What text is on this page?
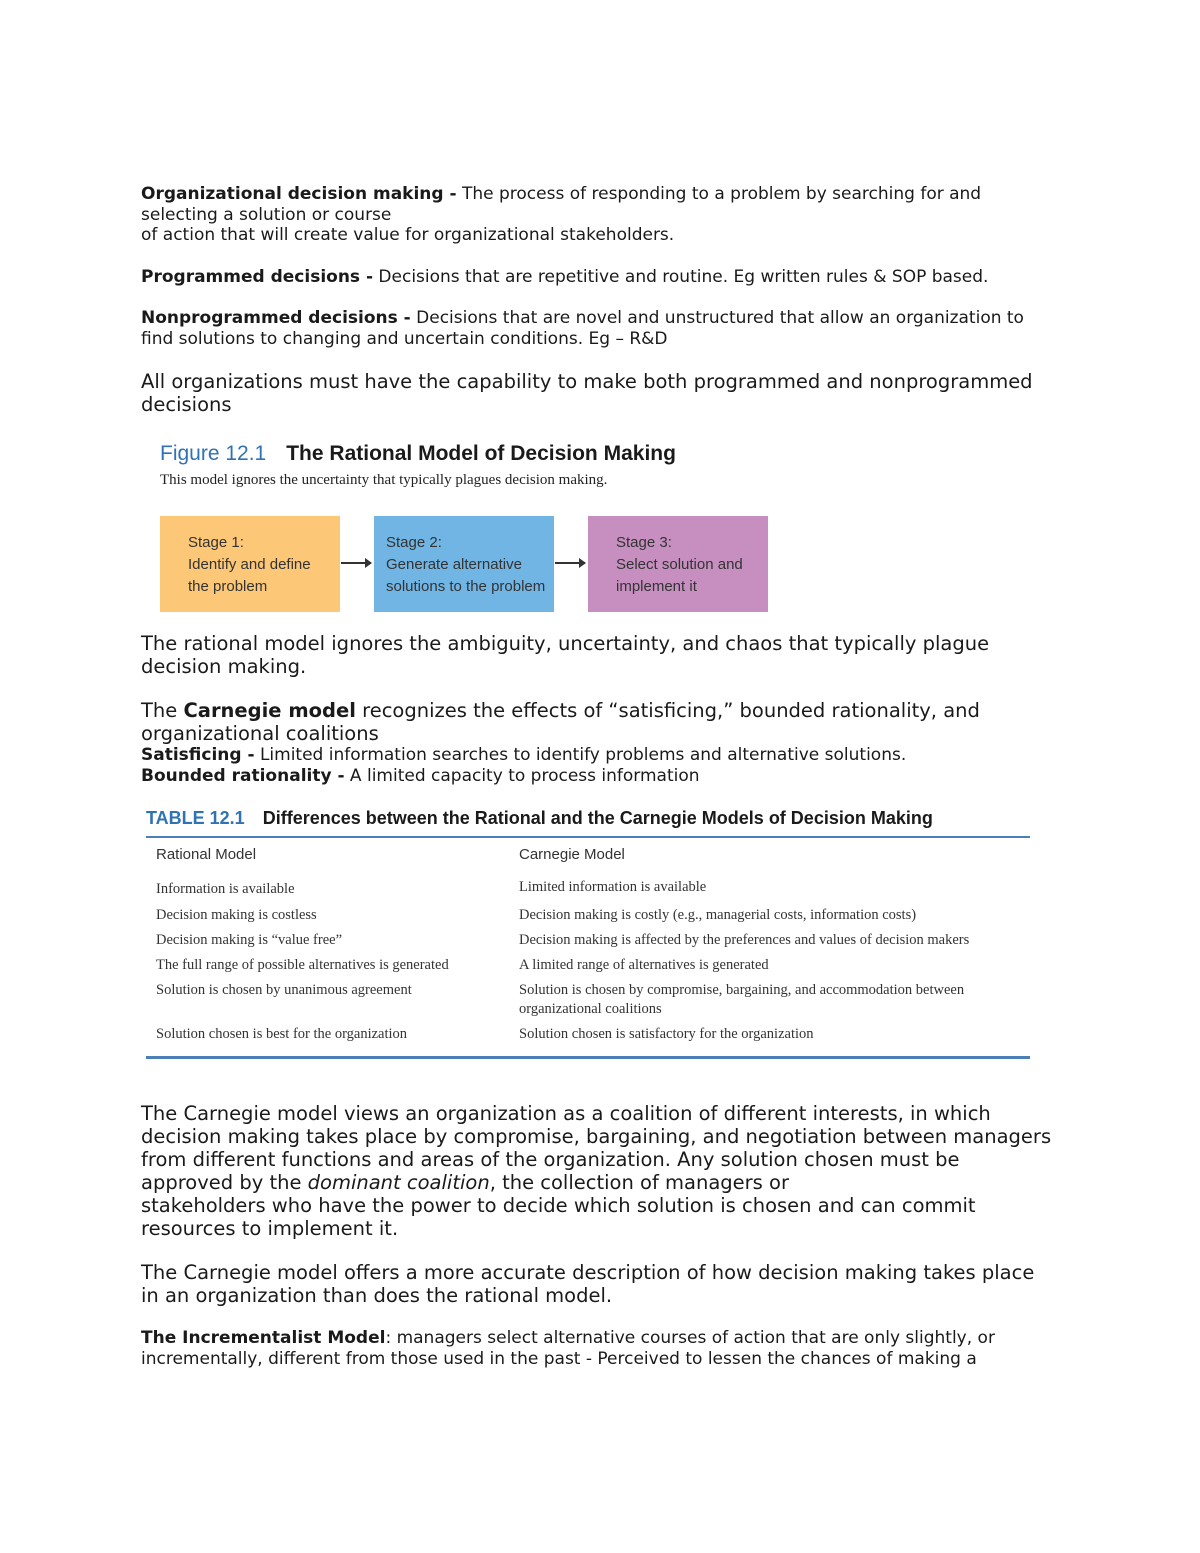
Organizational decision making - The process of responding to a problem by searching for and
selecting a solution or course
of action that will create value for organizational stakeholders.

Programmed decisions - Decisions that are repetitive and routine. Eg written rules & SOP based.

Nonprogrammed decisions - Decisions that are novel and unstructured that allow an organization to
find solutions to changing and uncertain conditions. Eg – R&D

All organizations must have the capability to make both programmed and nonprogrammed
decisions

Figure 12.1 The Rational Model of Decision Making
This model ignores the uncertainty that typically plagues decision making.
Stage 1:
Identify and define
the problem
Stage 2:
Generate alternative
solutions to the problem
Stage 3:
Select solution and
implement it

The rational model ignores the ambiguity, uncertainty, and chaos that typically plague
decision making.

The Carnegie model recognizes the effects of “satisficing,” bounded rationality, and
organizational coalitions

Satisficing - Limited information searches to identify problems and alternative solutions.
Bounded rationality - A limited capacity to process information

TABLE 12.1 Differences between the Rational and the Carnegie Models of Decision Making
Rational Model	Carnegie Model
Information is available	Limited information is available
Decision making is costless	Decision making is costly (e.g., managerial costs, information costs)
Decision making is “value free”	Decision making is affected by the preferences and values of decision makers
The full range of possible alternatives is generated	A limited range of alternatives is generated
Solution is chosen by unanimous agreement	Solution is chosen by compromise, bargaining, and accommodation between organizational coalitions
Solution chosen is best for the organization	Solution chosen is satisfactory for the organization

The Carnegie model views an organization as a coalition of different interests, in which
decision making takes place by compromise, bargaining, and negotiation between managers
from different functions and areas of the organization. Any solution chosen must be
approved by the dominant coalition, the collection of managers or
stakeholders who have the power to decide which solution is chosen and can commit
resources to implement it.

The Carnegie model offers a more accurate description of how decision making takes place
in an organization than does the rational model.

The Incrementalist Model: managers select alternative courses of action that are only slightly, or
incrementally, different from those used in the past - Perceived to lessen the chances of making a
